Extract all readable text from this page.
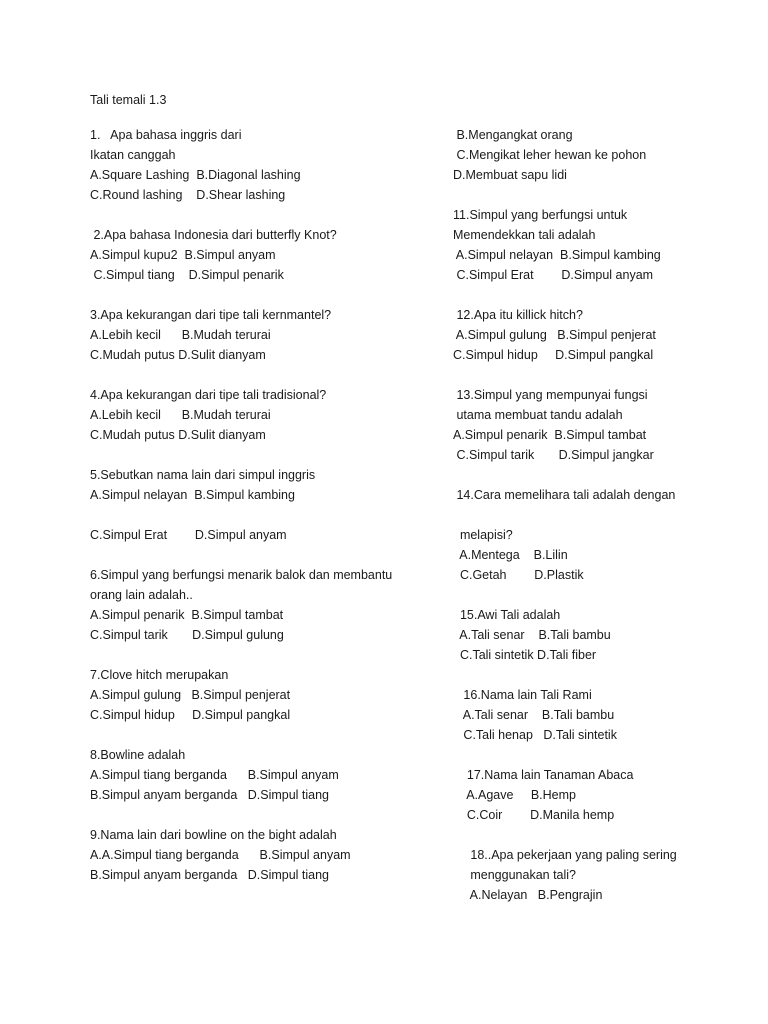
Tali temali 1.3
1.   Apa bahasa inggris dari
Ikatan canggah
A.Square Lashing  B.Diagonal lashing
C.Round lashing    D.Shear lashing
2.Apa bahasa Indonesia dari butterfly Knot?
A.Simpul kupu2  B.Simpul anyam
C.Simpul tiang    D.Simpul penarik
3.Apa kekurangan dari tipe tali kernmantel?
A.Lebih kecil      B.Mudah terurai
C.Mudah putus D.Sulit dianyam
4.Apa kekurangan dari tipe tali tradisional?
A.Lebih kecil      B.Mudah terurai
C.Mudah putus D.Sulit dianyam
5.Sebutkan nama lain dari simpul inggris
A.Simpul nelayan  B.Simpul kambing
C.Simpul Erat        D.Simpul anyam
6.Simpul yang berfungsi menarik balok dan membantu
orang lain adalah..
A.Simpul penarik  B.Simpul tambat
C.Simpul tarik       D.Simpul gulung
7.Clove hitch merupakan
A.Simpul gulung   B.Simpul penjerat
C.Simpul hidup     D.Simpul pangkal
8.Bowline adalah
A.Simpul tiang berganda      B.Simpul anyam
B.Simpul anyam berganda   D.Simpul tiang
9.Nama lain dari bowline on the bight adalah
A.A.Simpul tiang berganda      B.Simpul anyam
B.Simpul anyam berganda   D.Simpul tiang
B.Mengangkat orang
C.Mengikat leher hewan ke pohon
D.Membuat sapu lidi
11.Simpul yang berfungsi untuk
Memendekkan tali adalah
A.Simpul nelayan  B.Simpul kambing
C.Simpul Erat        D.Simpul anyam
12.Apa itu killick hitch?
A.Simpul gulung   B.Simpul penjerat
C.Simpul hidup     D.Simpul pangkal
13.Simpul yang mempunyai fungsi
utama membuat tandu adalah
A.Simpul penarik  B.Simpul tambat
C.Simpul tarik       D.Simpul jangkar
14.Cara memelihara tali adalah dengan
melapisi?
A.Mentega    B.Lilin
C.Getah        D.Plastik
15.Awi Tali adalah
A.Tali senar    B.Tali bambu
C.Tali sintetik D.Tali fiber
16.Nama lain Tali Rami
A.Tali senar    B.Tali bambu
C.Tali henap   D.Tali sintetik
17.Nama lain Tanaman Abaca
A.Agave     B.Hemp
C.Coir        D.Manila hemp
18..Apa pekerjaan yang paling sering
menggunakan tali?
A.Nelayan   B.Pengrajin
